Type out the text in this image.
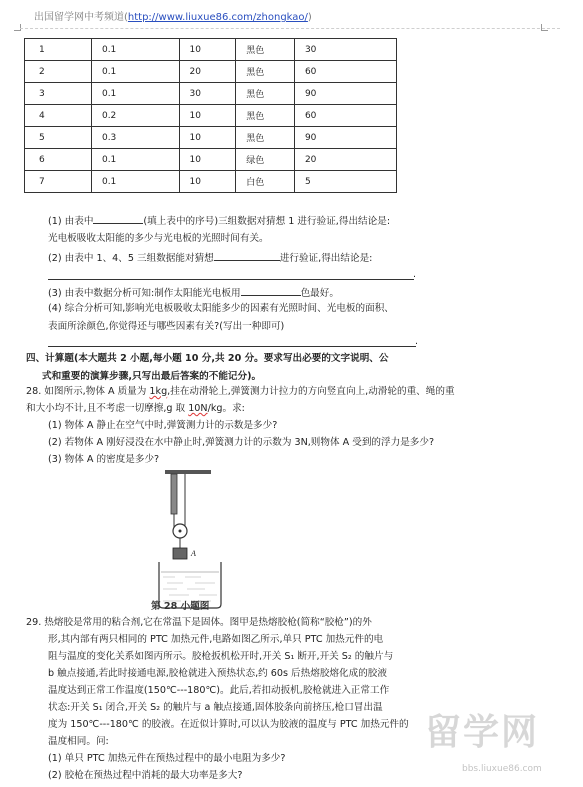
出国留学网中考频道(http://www.liuxue86.com/zhongkao/)
1	0.1	10	黑色	30
2	0.1	20	黑色	60
3	0.1	30	黑色	90
4	0.2	10	黑色	60
5	0.3	10	黑色	90
6	0.1	10	绿色	20
7	0.1	10	白色	5
(1) 由表中	(填上表中的序号)三组数据对猜想 1 进行验证,得出结论是:
光电板吸收太阳能的多少与光电板的光照时间有关。
(2) 由表中 1、4、5 三组数据能对猜想	进行验证,得出结论是:
.
(3) 由表中数据分析可知:制作太阳能光电板用	色最好。
(4) 综合分析可知,影响光电板吸收太阳能多少的因素有光照时间、光电板的面积、
表面所涂颜色,你觉得还与哪些因素有关?(写出一种即可)
.
四、计算题(本大题共 2 小题,每小题 10 分,共 20 分。要求写出必要的文字说明、公
式和重要的演算步骤,只写出最后答案的不能记分)。
28. 如图所示,物体 A 质量为 1kg,挂在动滑轮上,弹簧测力计拉力的方向竖直向上,动滑轮的重、绳的重
和大小均不计,且不考虑一切摩擦,g 取 10N/kg。求:
(1) 物体 A 静止在空气中时,弹簧测力计的示数是多少?
(2) 若物体 A 刚好浸没在水中静止时,弹簧测力计的示数为 3N,则物体 A 受到的浮力是多少?
(3) 物体 A 的密度是多少?
A
第 28 小题图
29. 热熔胶是常用的粘合剂,它在常温下是固体。图甲是热熔胶枪(简称“胶枪”)的外
形,其内部有两只相同的 PTC 加热元件,电路如图乙所示,单只 PTC 加热元件的电
阻与温度的变化关系如图丙所示。胶枪扳机松开时,开关 S₁ 断开,开关 S₂ 的触片与
b 触点接通,若此时接通电源,胶枪就进入预热状态,约 60s 后热熔胶熔化成的胶液
温度达到正常工作温度(150℃---180℃)。此后,若扣动扳机,胶枪就进入正常工作
状态:开关 S₁ 闭合,开关 S₂ 的触片与 a 触点接通,固体胶条向前挤压,枪口冒出温
度为 150℃---180℃ 的胶液。在近似计算时,可以认为胶液的温度与 PTC 加热元件的
温度相同。问:
(1) 单只 PTC 加热元件在预热过程中的最小电阻为多少?
(2) 胶枪在预热过程中消耗的最大功率是多大?
留学网
bbs.liuxue86.com
